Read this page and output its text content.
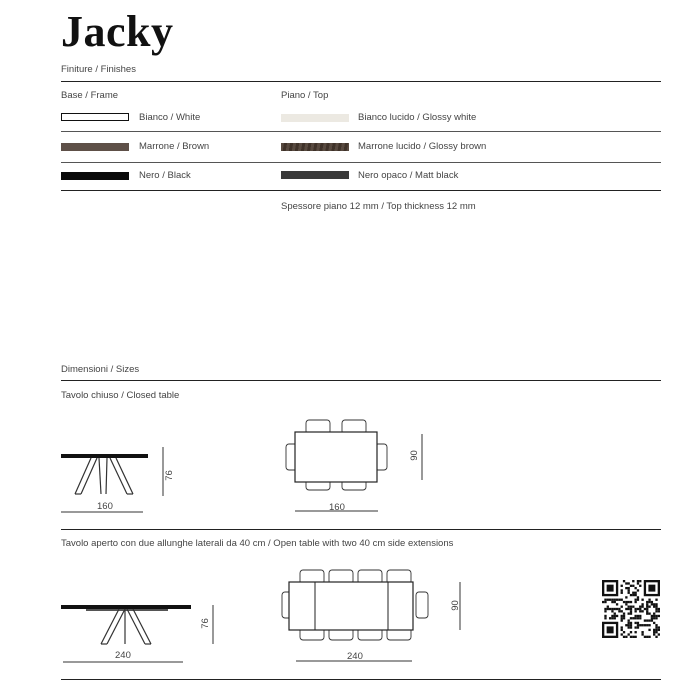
Jacky
Finiture / Finishes
Base / Frame	Piano / Top
Bianco / White	Bianco lucido / Glossy white
Marrone / Brown	Marrone lucido / Glossy brown
Nero / Black	Nero opaco / Matt black
Spessore piano 12 mm / Top thickness 12 mm
Dimensioni / Sizes
Tavolo chiuso / Closed table
160
76
160
90
Tavolo aperto con due allunghe laterali da 40 cm / Open table with two 40 cm side extensions
240
76
240
90
